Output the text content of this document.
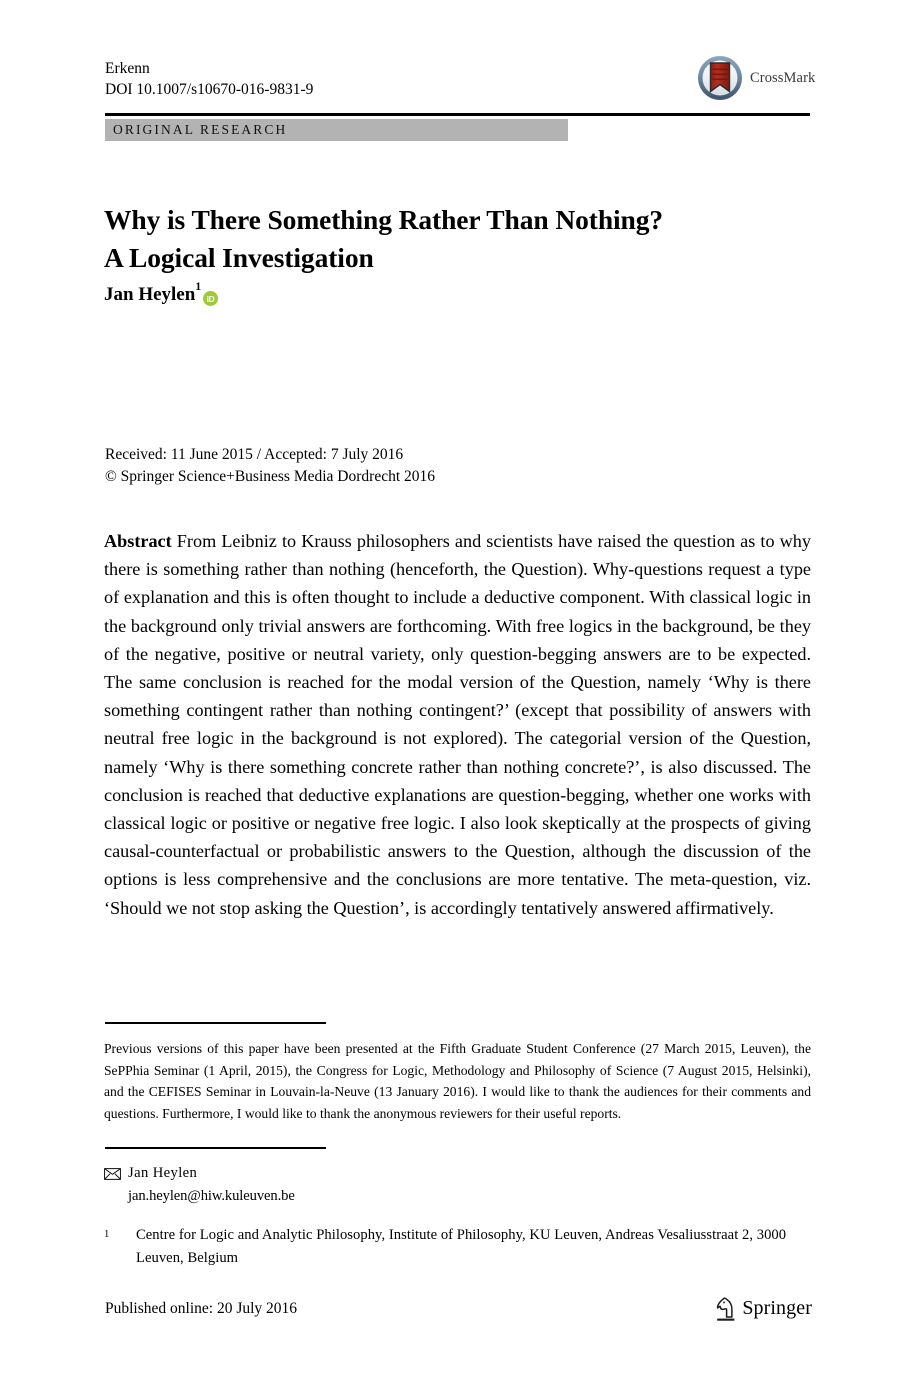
Erkenn
DOI 10.1007/s10670-016-9831-9
CrossMark
ORIGINAL RESEARCH
Why is There Something Rather Than Nothing?
A Logical Investigation
Jan Heylen 1
iD
Received: 11 June 2015 / Accepted: 7 July 2016
© Springer Science+Business Media Dordrecht 2016
Abstract From Leibniz to Krauss philosophers and scientists have raised the question as to why there is something rather than nothing (henceforth, the Question). Why-questions request a type of explanation and this is often thought to include a deductive component. With classical logic in the background only trivial answers are forthcoming. With free logics in the background, be they of the negative, positive or neutral variety, only question-begging answers are to be expected. The same conclusion is reached for the modal version of the Question, namely ‘Why is there something contingent rather than nothing contingent?’ (except that possibility of answers with neutral free logic in the background is not explored). The categorial version of the Question, namely ‘Why is there something concrete rather than nothing concrete?’, is also discussed. The conclusion is reached that deductive explanations are question-begging, whether one works with classical logic or positive or negative free logic. I also look skeptically at the prospects of giving causal-counterfactual or probabilistic answers to the Question, although the discussion of the options is less comprehensive and the conclusions are more tentative. The meta-question, viz. ‘Should we not stop asking the Question’, is accordingly tentatively answered affirmatively.
Previous versions of this paper have been presented at the Fifth Graduate Student Conference (27 March 2015, Leuven), the SePPhia Seminar (1 April, 2015), the Congress for Logic, Methodology and Philosophy of Science (7 August 2015, Helsinki), and the CEFISES Seminar in Louvain-la-Neuve (13 January 2016). I would like to thank the audiences for their comments and questions. Furthermore, I would like to thank the anonymous reviewers for their useful reports.
Jan Heylen
jan.heylen@hiw.kuleuven.be
1	Centre for Logic and Analytic Philosophy, Institute of Philosophy, KU Leuven, Andreas Vesaliusstraat 2, 3000 Leuven, Belgium
Published online: 20 July 2016	Springer
